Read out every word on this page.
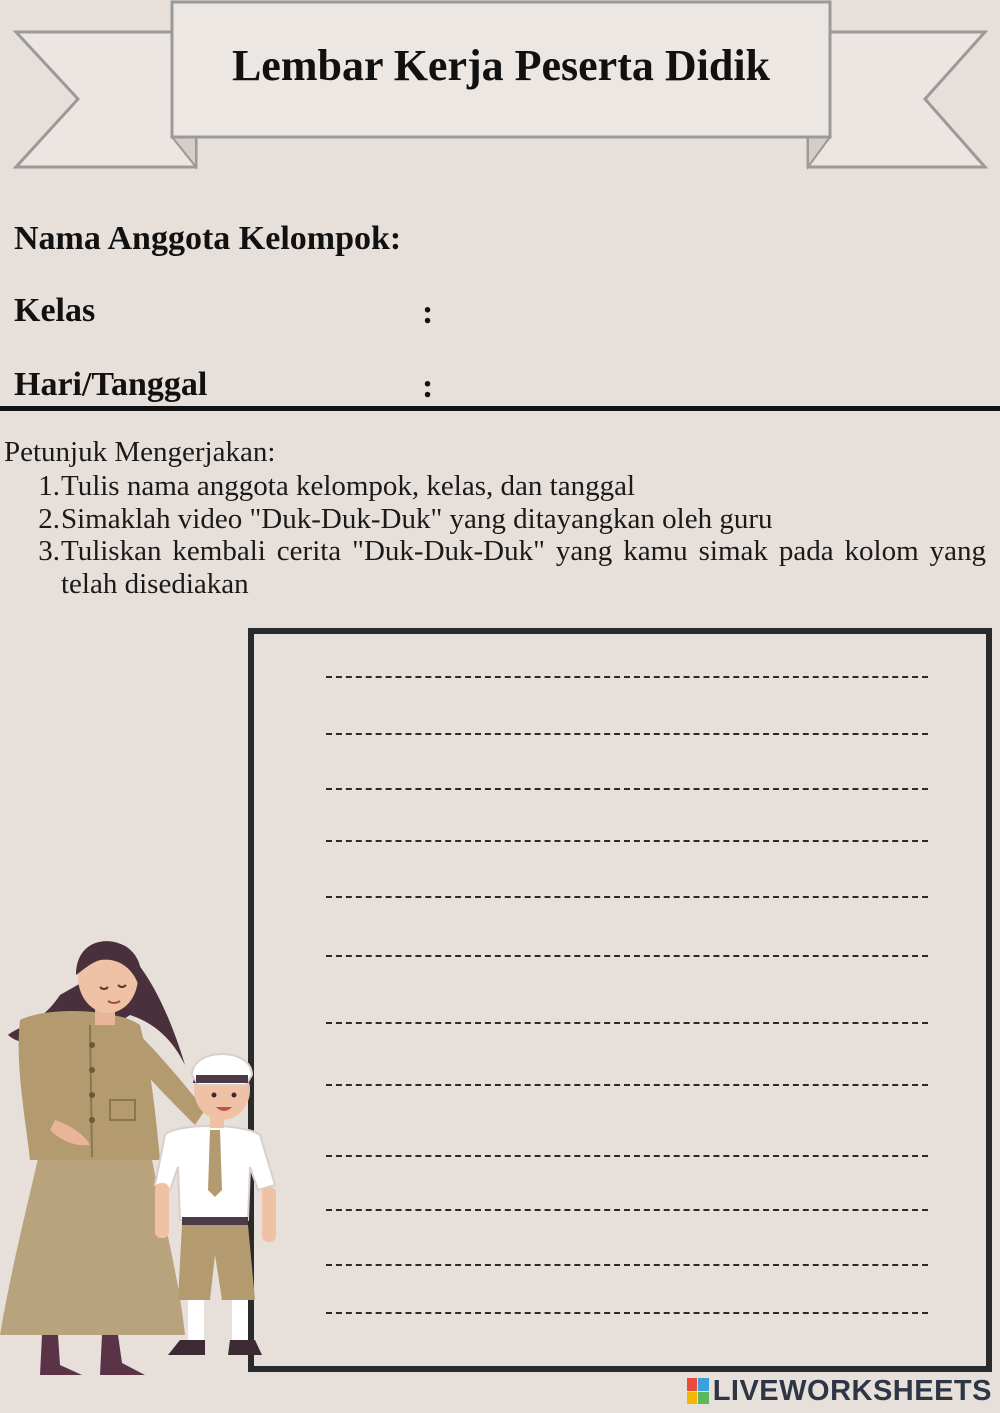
Lembar Kerja Peserta Didik
Nama Anggota Kelompok:
Kelas	:
Hari/Tanggal	:
Petunjuk Mengerjakan:
1. Tulis nama anggota kelompok, kelas, dan tanggal
2. Simaklah video "Duk-Duk-Duk" yang ditayangkan oleh guru
3. Tuliskan kembali cerita "Duk-Duk-Duk" yang kamu simak pada kolom yang telah disediakan
LIVEWORKSHEETS
